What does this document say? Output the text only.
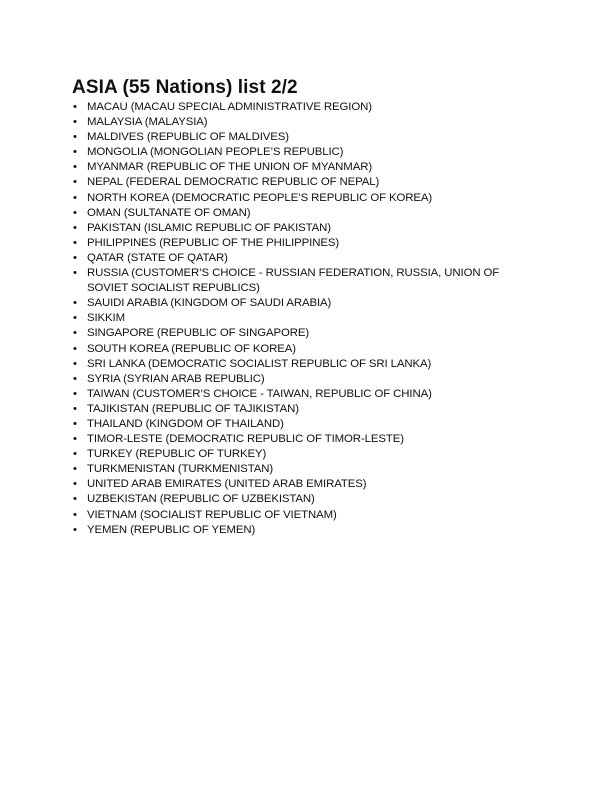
ASIA (55 Nations) list 2/2
• MACAU (MACAU SPECIAL ADMINISTRATIVE REGION)
• MALAYSIA (MALAYSIA)
• MALDIVES (REPUBLIC OF MALDIVES)
• MONGOLIA (MONGOLIAN PEOPLE’S REPUBLIC)
• MYANMAR (REPUBLIC OF THE UNION OF MYANMAR)
• NEPAL (FEDERAL DEMOCRATIC REPUBLIC OF NEPAL)
• NORTH KOREA (DEMOCRATIC PEOPLE’S REPUBLIC OF KOREA)
• OMAN (SULTANATE OF OMAN)
• PAKISTAN (ISLAMIC REPUBLIC OF PAKISTAN)
• PHILIPPINES (REPUBLIC OF THE PHILIPPINES)
• QATAR (STATE OF QATAR)
• RUSSIA (CUSTOMER’S CHOICE - RUSSIAN FEDERATION, RUSSIA, UNION OF SOVIET SOCIALIST REPUBLICS)
• SAUIDI ARABIA (KINGDOM OF SAUDI ARABIA)
• SIKKIM
• SINGAPORE (REPUBLIC OF SINGAPORE)
• SOUTH KOREA (REPUBLIC OF KOREA)
• SRI LANKA (DEMOCRATIC SOCIALIST REPUBLIC OF SRI LANKA)
• SYRIA (SYRIAN ARAB REPUBLIC)
• TAIWAN (CUSTOMER’S CHOICE - TAIWAN, REPUBLIC OF CHINA)
• TAJIKISTAN (REPUBLIC OF TAJIKISTAN)
• THAILAND (KINGDOM OF THAILAND)
• TIMOR-LESTE (DEMOCRATIC REPUBLIC OF TIMOR-LESTE)
• TURKEY (REPUBLIC OF TURKEY)
• TURKMENISTAN (TURKMENISTAN)
• UNITED ARAB EMIRATES (UNITED ARAB EMIRATES)
• UZBEKISTAN (REPUBLIC OF UZBEKISTAN)
• VIETNAM (SOCIALIST REPUBLIC OF VIETNAM)
• YEMEN (REPUBLIC OF YEMEN)
